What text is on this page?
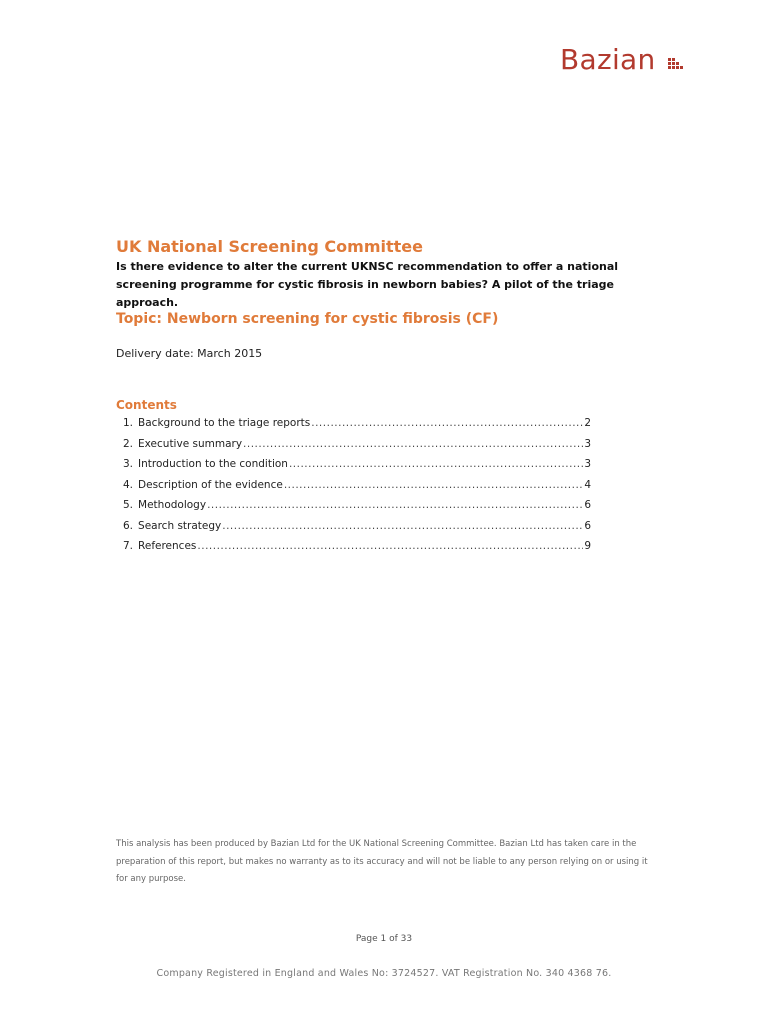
Bazian
UK National Screening Committee
Is there evidence to alter the current UKNSC recommendation to offer a national screening programme for cystic fibrosis in newborn babies? A pilot of the triage approach.
Topic: Newborn screening for cystic fibrosis (CF)
Delivery date: March 2015
Contents
1. Background to the triage reports .....	2
2. Executive summary .....	3
3. Introduction to the condition .....	3
4. Description of the evidence .....	4
5. Methodology .....	6
6. Search strategy .....	6
7. References .....	9
This analysis has been produced by Bazian Ltd for the UK National Screening Committee. Bazian Ltd has taken care in the preparation of this report, but makes no warranty as to its accuracy and will not be liable to any person relying on or using it for any purpose.
Page 1 of 33
Company Registered in England and Wales No: 3724527. VAT Registration No. 340 4368 76.
